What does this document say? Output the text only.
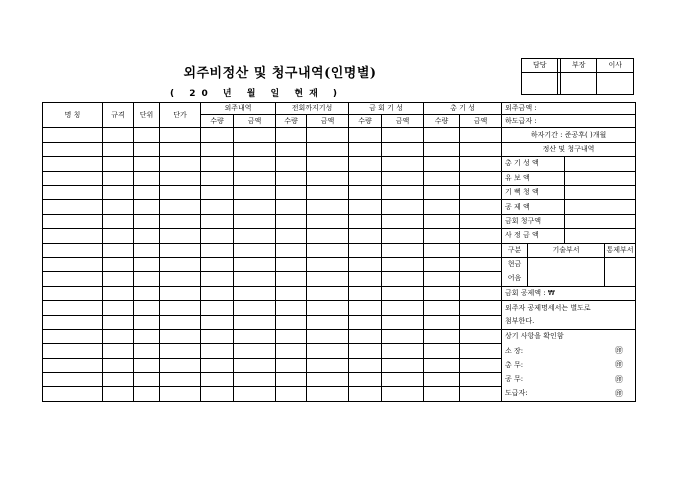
외주비정산 및 청구내역(인명별)
( 20 년 월 일 현재 )
담당		부장	이사

명 칭	규격	단위	단가	외주내역		전회까지기성		금 회 기 성		총 기 성		외주금액 :			
				수량	금액	수량	금액	수량	금액	수량	금액	하도급자 :			
												하자기간 : 준공후( )개월			
												정산 및 청구내역			
												총 기 성 액			
												유 보 액			
												기 뻑 청 액			
												공 제 액			
												금회 청구액			
												사 정 금 액			
												구분	기술부서		통제부서
												현금			
												어음			
												금회 공제액 : ₩			
												외주자 공제명세서는 별도로			
												첨부한다.			
												상기 사항을 확인함			
												소 장:		㊞	
												총 무:		㊞	
												공 무:		㊞	
												도급자:		㊞	
